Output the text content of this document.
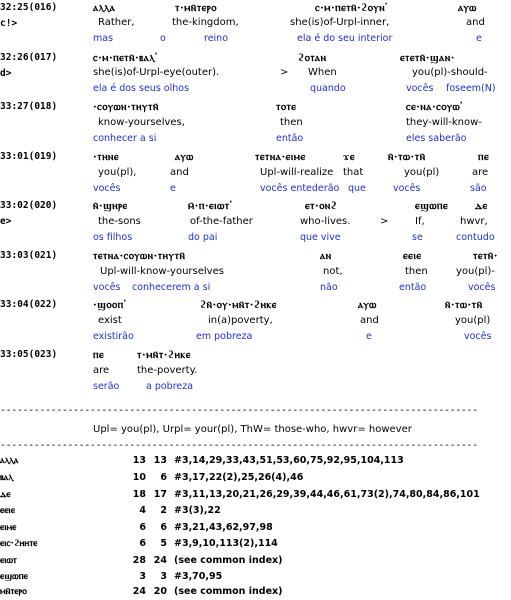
32:25(016)
c!>
ⲁⲗⲗⲁ	ⲧ·ⲙⲛ̄ⲧⲉⲣⲟ	ⲥ·ⲙ·ⲡⲉⲧⲛ̄·ϩⲟⲩⲛ ̓	ⲁⲩⲱ
Rather,	the-kingdom,	she(is)of-Urpl-inner,	and
mas	o	reino	ela é do seu interior	e
32:26(017)
d>
ⲥ·ⲙ·ⲡⲉⲧⲛ̄·ⲃⲁⲗ ̓	ϩⲟⲧⲁⲛ	ⲉⲧⲉⲧⲛ̄·ϣⲁⲛ·
she(is)of-Urpl-eye(outer).	> When	you(pl)-should-
ela é dos seus olhos	quando	vocês foseem(N)
33:27(018)	·ⲥⲟⲩⲱⲛ·ⲧⲏⲩⲧⲛ̄	ⲧⲟⲧⲉ	ⲥⲉ·ⲛⲁ·ⲥⲟⲩⲱ ̓
know-yourselves,	then	they-will-know-
conhecer a si	então	eles saberão
33:01(019)	·ⲧⲏⲛⲉ	ⲁⲩⲱ	ⲧⲉⲧⲛⲁ·ⲉⲓⲙⲉ	ϫⲉ	ⲛ̄·ⲧⲱ·ⲧⲛ̄	ⲡⲉ
you(pl),	and	Upl-will-realize that	you(pl)	are
vocês	e	vocês entederão que	vocês	são
33:02(020)
e>
ⲛ̄·ϣⲏⲣⲉ	ⲙ̄·ⲡ·ⲉⲓⲱⲧ ̓	ⲉⲧ·ⲟⲛϩ	ⲉϣⲱⲡⲉ	ⲇⲉ
the-sons	of-the-father	who-lives.	>	If,	hwvr,
os filhos	do pai	que vive	se	contudo
33:03(021)	ⲧⲉⲧⲛⲁ·ⲥⲟⲩⲱⲛ·ⲧⲏⲩⲧⲛ̄	ⲁⲛ	ⲉⲉⲓⲉ	ⲧⲉⲧⲛ̄·
Upl-will-know-yourselves	not,	then	you(pl)-
vocês conhecerem a si	não	então	vocês
33:04(022)	·ϣⲟⲟⲡ ̓	ϩⲛ̄·ⲟⲩ·ⲙⲛ̄ⲧ·ϩⲏⲕⲉ	ⲁⲩⲱ	ⲛ̄·ⲧⲱ·ⲧⲛ̄
exist	in(a)poverty,	and	you(pl)
existirão	em pobreza	e	vocês
33:05(023)	ⲡⲉ	ⲧ·ⲙⲛ̄ⲧ·ϩⲏⲕⲉ
are	the-poverty.
serão	a pobreza
-------------------------------------------------------------------------------------
Upl= you(pl), Urpl= your(pl), ThW= those-who, hwvr= however
-------------------------------------------------------------------------------------
ⲁⲗⲗⲁ	13 13 #3,14,29,33,43,51,53,60,75,92,95,104,113
ⲃⲁⲗ	10	6 #3,17,22(2),25,26(4),46
ⲇⲉ	18 17 #3,11,13,20,21,26,29,39,44,46,61,73(2),74,80,84,86,101
ⲉⲉⲓⲉ	4	2 #3(3),22
ⲉⲓⲙⲉ	6	6 #3,21,43,62,97,98
ⲉⲓⲥ·ϩⲏⲏⲧⲉ	6	5 #3,9,10,113(2),114
ⲉⲓⲱⲧ	28 24 (see common index)
ⲉϣⲱⲡⲉ	3	3 #3,70,95
ⲙⲛ̄ⲧⲉⲣⲟ	24 20 (see common index)
